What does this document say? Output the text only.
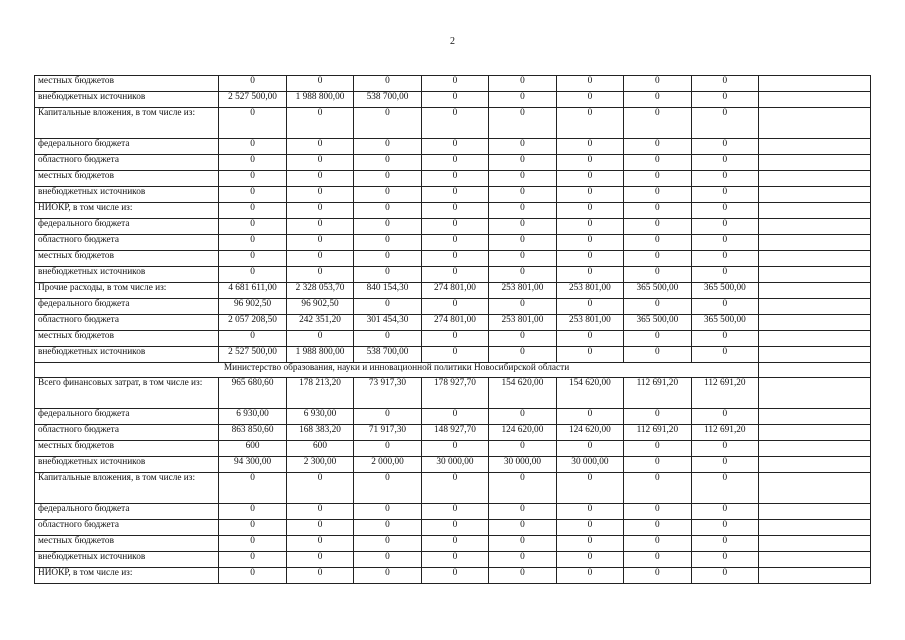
2
местных бюджетов	0	0	0	0	0	0	0	0	
внебюджетных источников	2 527 500,00	1 988 800,00	538 700,00	0	0	0	0	0	
Капитальные вложения, в том числе из:	0	0	0	0	0	0	0	0	
федерального бюджета	0	0	0	0	0	0	0	0	
областного бюджета	0	0	0	0	0	0	0	0	
местных бюджетов	0	0	0	0	0	0	0	0	
внебюджетных источников	0	0	0	0	0	0	0	0	
НИОКР, в том числе из:	0	0	0	0	0	0	0	0	
федерального бюджета	0	0	0	0	0	0	0	0	
областного бюджета	0	0	0	0	0	0	0	0	
местных бюджетов	0	0	0	0	0	0	0	0	
внебюджетных источников	0	0	0	0	0	0	0	0	
Прочие расходы, в том числе из:	4 681 611,00	2 328 053,70	840 154,30	274 801,00	253 801,00	253 801,00	365 500,00	365 500,00	
федерального бюджета	96 902,50	96 902,50	0	0	0	0	0	0	
областного бюджета	2 057 208,50	242 351,20	301 454,30	274 801,00	253 801,00	253 801,00	365 500,00	365 500,00	
местных бюджетов	0	0	0	0	0	0	0	0	
внебюджетных источников	2 527 500,00	1 988 800,00	538 700,00	0	0	0	0	0	
Министерство образования, науки и инновационной политики Новосибирской области									
Всего финансовых затрат, в том числе из:	965 680,60	178 213,20	73 917,30	178 927,70	154 620,00	154 620,00	112 691,20	112 691,20	
федерального бюджета	6 930,00	6 930,00	0	0	0	0	0	0	
областного бюджета	863 850,60	168 383,20	71 917,30	148 927,70	124 620,00	124 620,00	112 691,20	112 691,20	
местных бюджетов	600	600	0	0	0	0	0	0	
внебюджетных источников	94 300,00	2 300,00	2 000,00	30 000,00	30 000,00	30 000,00	0	0	
Капитальные вложения, в том числе из:	0	0	0	0	0	0	0	0	
федерального бюджета	0	0	0	0	0	0	0	0	
областного бюджета	0	0	0	0	0	0	0	0	
местных бюджетов	0	0	0	0	0	0	0	0	
внебюджетных источников	0	0	0	0	0	0	0	0	
НИОКР, в том числе из:	0	0	0	0	0	0	0	0	
